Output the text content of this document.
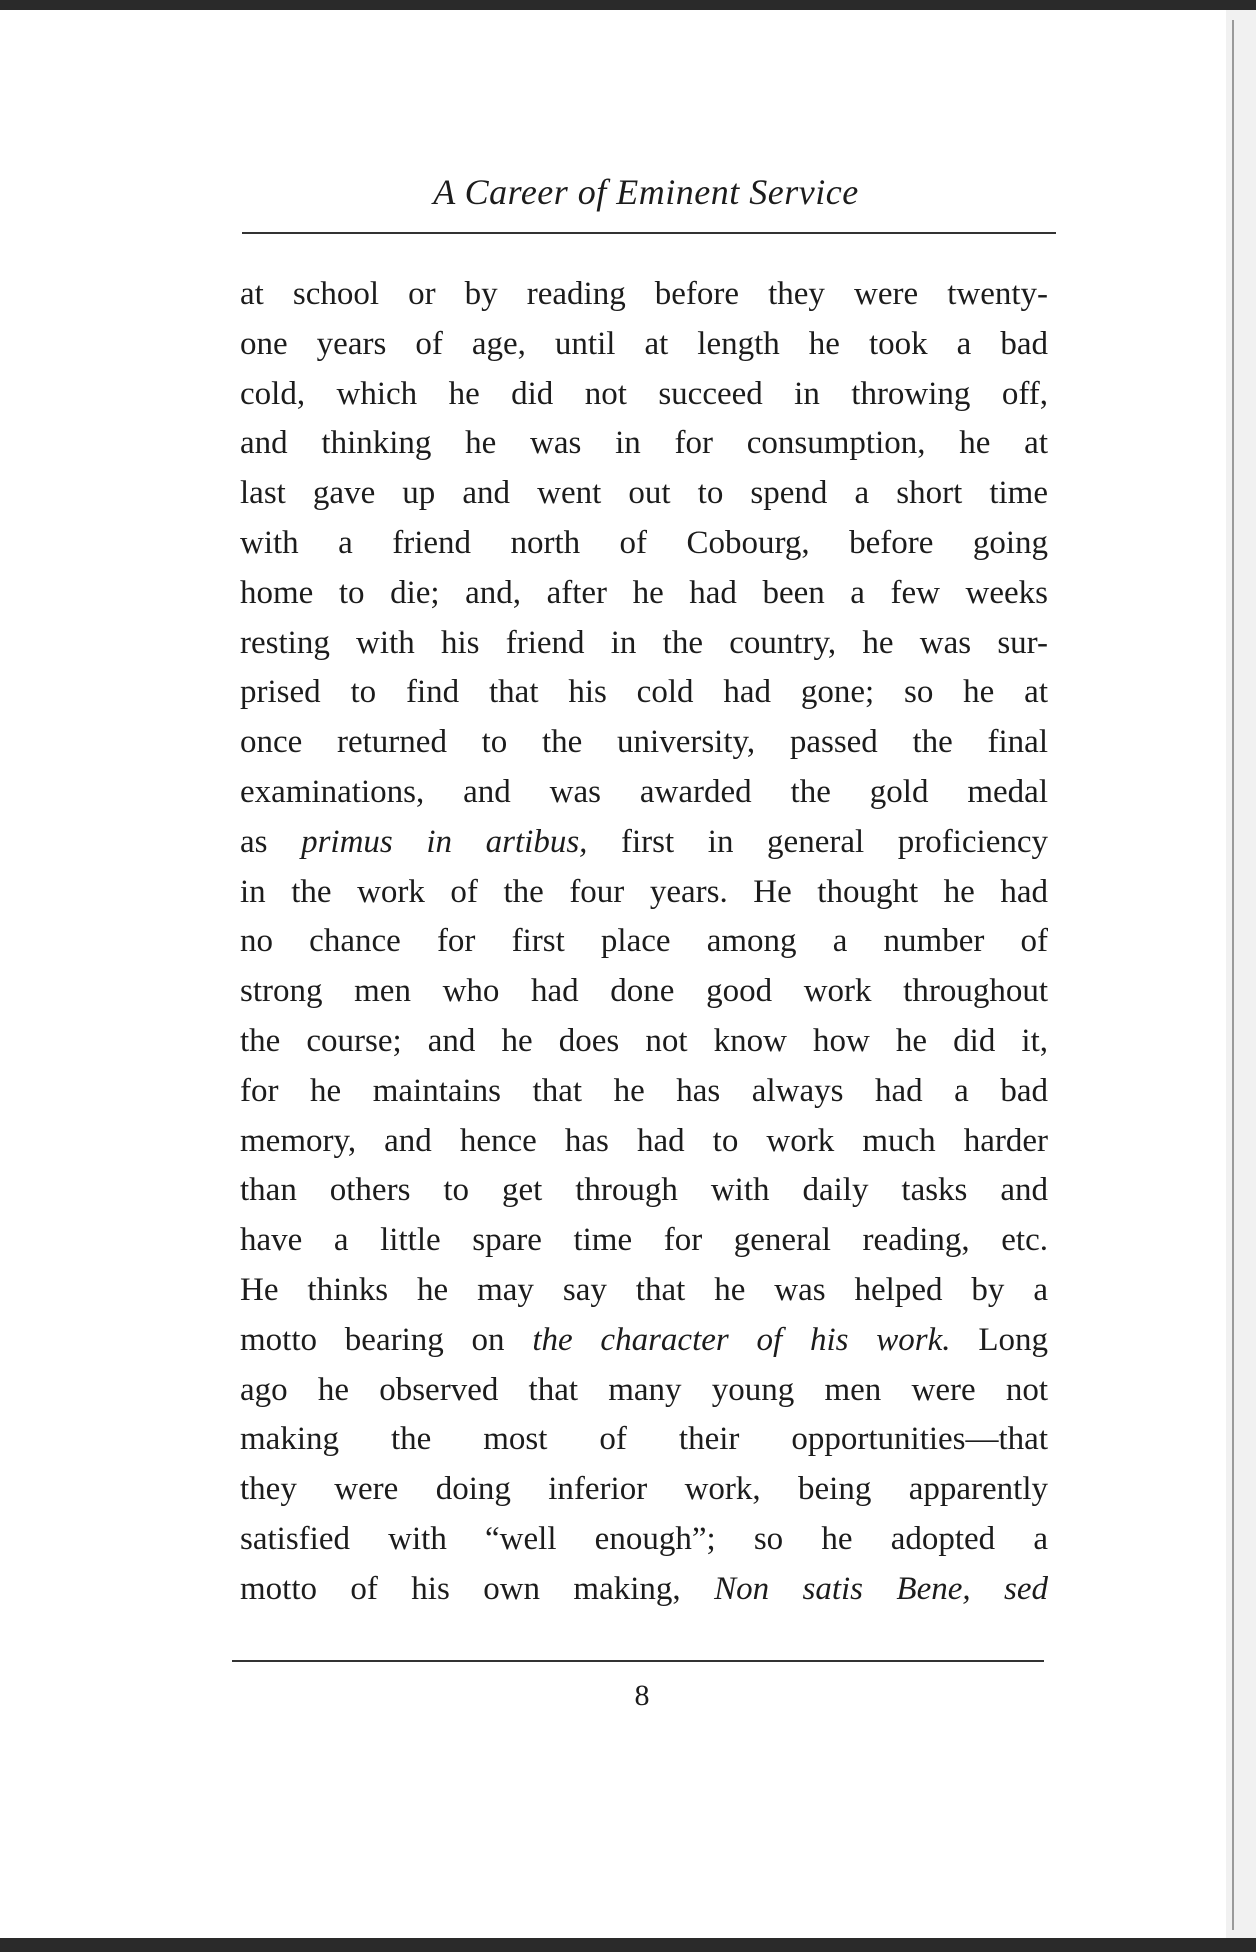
A Career of Eminent Service
at school or by reading before they were twenty-
one years of age, until at length he took a bad
cold, which he did not succeed in throwing off,
and thinking he was in for consumption, he at
last gave up and went out to spend a short time
with a friend north of Cobourg, before going
home to die; and, after he had been a few weeks
resting with his friend in the country, he was sur-
prised to find that his cold had gone; so he at
once returned to the university, passed the final
examinations, and was awarded the gold medal
as primus in artibus, first in general proficiency
in the work of the four years. He thought he had
no chance for first place among a number of
strong men who had done good work throughout
the course; and he does not know how he did it,
for he maintains that he has always had a bad
memory, and hence has had to work much harder
than others to get through with daily tasks and
have a little spare time for general reading, etc.
He thinks he may say that he was helped by a
motto bearing on the character of his work. Long
ago he observed that many young men were not
making the most of their opportunities—that
they were doing inferior work, being apparently
satisfied with “well enough”; so he adopted a
motto of his own making, Non satis Bene, sed
8
